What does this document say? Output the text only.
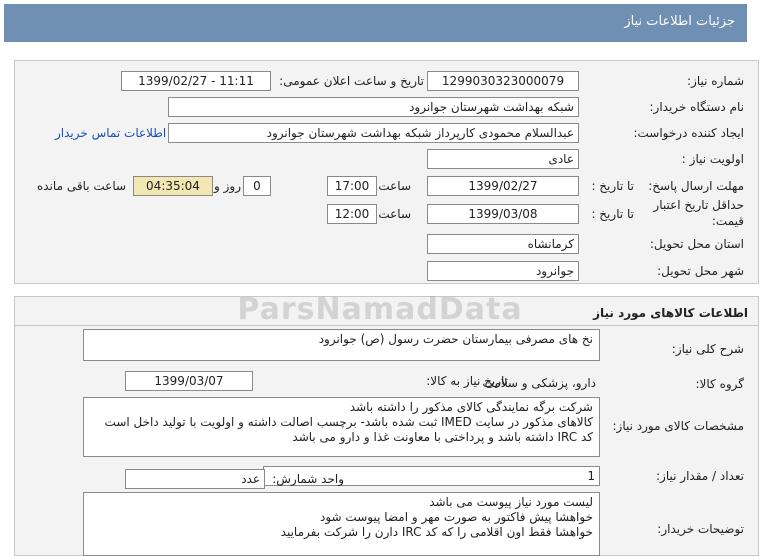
جزئیات اطلاعات نیاز
شماره نیاز:
1299030323000079
تاریخ و ساعت اعلان عمومی:
1399/02/27 - 11:11
نام دستگاه خریدار:
شبکه بهداشت شهرستان جوانرود
ایجاد کننده درخواست:
عبدالسلام محمودی کارپرداز شبکه بهداشت شهرستان جوانرود
اطلاعات تماس خریدار
اولویت نیاز :
عادی
مهلت ارسال پاسخ:
تا تاریخ :
1399/02/27
ساعت
17:00
0
روز و
04:35:04
ساعت باقی مانده
حداقل تاریخ اعتبار قیمت:
تا تاریخ :
1399/03/08
ساعت
12:00
استان محل تحویل:
کرمانشاه
شهر محل تحویل:
جوانرود
اطلاعات کالاهای مورد نیاز
شرح کلی نیاز:
نخ های مصرفی بیمارستان حضرت رسول (ص) جوانرود
تاریخ نیاز به کالا:
1399/03/07	گروه کالا:
دارو، پزشکی و سلامت
مشخصات کالای مورد نیاز:
شرکت برگه نمایندگی کالای مذکور را داشته باشد
کالاهای مذکور در سایت IMED ثبت شده باشد- برچسب اصالت داشته و اولویت با تولید داخل است
کد IRC داشته باشد و پرداختی با معاونت غذا و دارو می باشد
تعداد / مقدار نیاز:
1
واحد شمارش:
عدد
توضیحات خریدار:
لیست مورد نیاز پیوست می باشد
خواهشا پیش فاکتور به صورت مهر و امضا پیوست شود
خواهشا فقط اون اقلامی را که کد IRC دارن را شرکت بفرمایید
ParsNamadData
